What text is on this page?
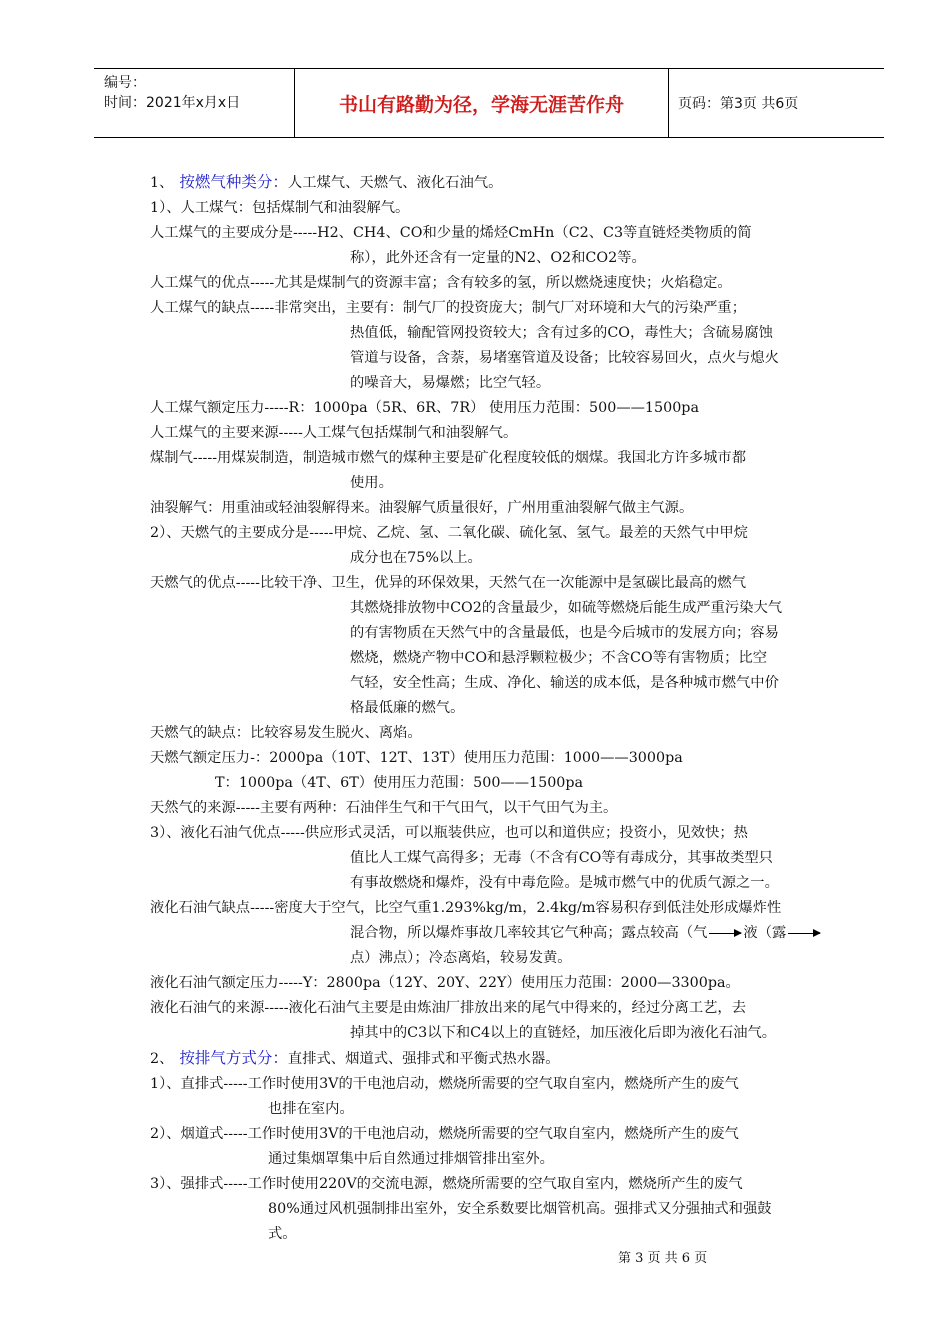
编号：
时间：2021年x月x日	书山有路勤为径，学海无涯苦作舟	页码：第3页 共6页

1、 按燃气种类分：人工煤气、天燃气、液化石油气。

1）、人工煤气：包括煤制气和油裂解气。

人工煤气的主要成分是-----H2、CH4、CO和少量的烯烃CmHn（C2、C3等直链烃类物质的简

称），此外还含有一定量的N2、O2和CO2等。

人工煤气的优点-----尤其是煤制气的资源丰富；含有较多的氢，所以燃烧速度快；火焰稳定。

人工煤气的缺点-----非常突出，主要有：制气厂的投资庞大；制气厂对环境和大气的污染严重；

热值低，输配管网投资较大；含有过多的CO，毒性大；含硫易腐蚀

管道与设备，含萘，易堵塞管道及设备；比较容易回火，点火与熄火

的噪音大，易爆燃；比空气轻。

人工煤气额定压力-----R：1000pa（5R、6R、7R） 使用压力范围：500——1500pa

人工煤气的主要来源-----人工煤气包括煤制气和油裂解气。

煤制气-----用煤炭制造，制造城市燃气的煤种主要是矿化程度较低的烟煤。我国北方许多城市都

使用。

油裂解气：用重油或轻油裂解得来。油裂解气质量很好，广州用重油裂解气做主气源。

2）、天燃气的主要成分是-----甲烷、乙烷、氢、二氧化碳、硫化氢、氢气。最差的天然气中甲烷

成分也在75%以上。

天燃气的优点-----比较干净、卫生，优异的环保效果，天然气在一次能源中是氢碳比最高的燃气

其燃烧排放物中CO2的含量最少，如硫等燃烧后能生成严重污染大气

的有害物质在天然气中的含量最低，也是今后城市的发展方向；容易

燃烧，燃烧产物中CO和悬浮颗粒极少；不含CO等有害物质；比空

气轻，安全性高；生成、净化、输送的成本低，是各种城市燃气中价

格最低廉的燃气。

天燃气的缺点：比较容易发生脱火、离焰。

天燃气额定压力-：2000pa（10T、12T、13T）使用压力范围：1000——3000pa

T：1000pa（4T、6T）使用压力范围：500——1500pa

天然气的来源-----主要有两种：石油伴生气和干气田气，以干气田气为主。

3）、液化石油气优点-----供应形式灵活，可以瓶装供应，也可以和道供应；投资小，见效快；热

值比人工煤气高得多；无毒（不含有CO等有毒成分，其事故类型只

有事故燃烧和爆炸，没有中毒危险。是城市燃气中的优质气源之一。

液化石油气缺点-----密度大于空气，比空气重1.293%kg/m，2.4kg/m容易积存到低洼处形成爆炸性

混合物，所以爆炸事故几率较其它气种高；露点较高（气	液（露

点）沸点）；冷态离焰，较易发黄。

液化石油气额定压力-----Y：2800pa（12Y、20Y、22Y）使用压力范围：2000—3300pa。

液化石油气的来源-----液化石油气主要是由炼油厂排放出来的尾气中得来的，经过分离工艺，去

掉其中的C3以下和C4以上的直链烃，加压液化后即为液化石油气。

2、 按排气方式分：直排式、烟道式、强排式和平衡式热水器。

1）、直排式-----工作时使用3V的干电池启动，燃烧所需要的空气取自室内，燃烧所产生的废气

也排在室内。

2）、烟道式-----工作时使用3V的干电池启动，燃烧所需要的空气取自室内，燃烧所产生的废气

通过集烟罩集中后自然通过排烟管排出室外。

3）、强排式-----工作时使用220V的交流电源，燃烧所需要的空气取自室内，燃烧所产生的废气

80%通过风机强制排出室外，安全系数要比烟管机高。强排式又分强抽式和强鼓

式。

第 3 页 共 6 页
